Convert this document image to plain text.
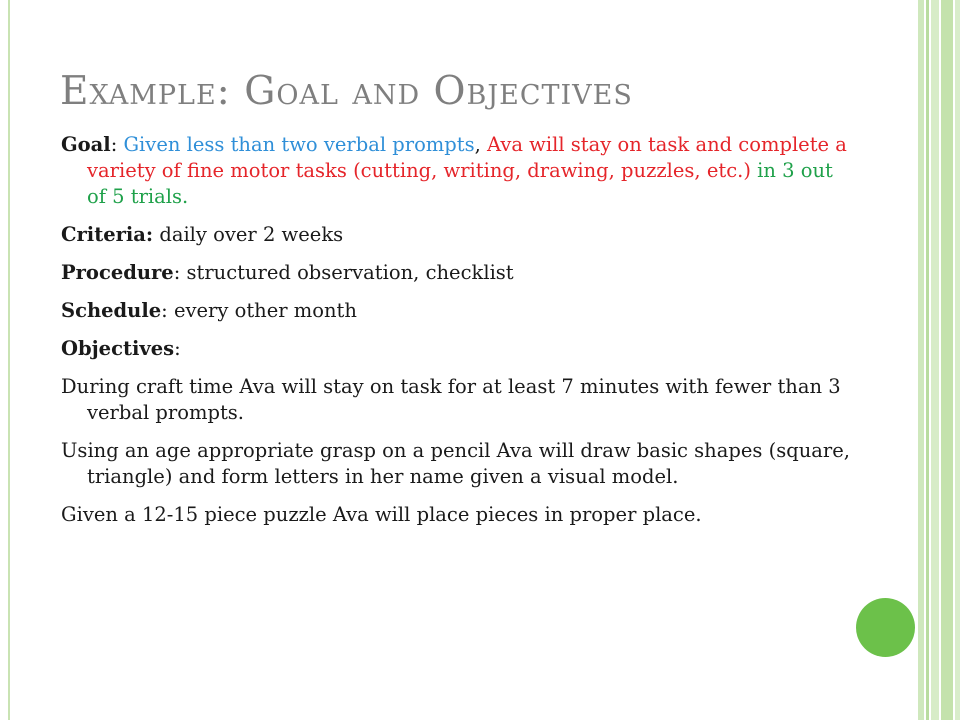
Example: Goal and Objectives

Goal: Given less than two verbal prompts, Ava will stay on task and complete a variety of fine motor tasks (cutting, writing, drawing, puzzles, etc.) in 3 out of 5 trials.

Criteria: daily over 2 weeks

Procedure: structured observation, checklist

Schedule: every other month

Objectives:

During craft time Ava will stay on task for at least 7 minutes with fewer than 3 verbal prompts.

Using an age appropriate grasp on a pencil Ava will draw basic shapes (square, triangle) and form letters in her name given a visual model.

Given a 12-15 piece puzzle Ava will place pieces in proper place.
